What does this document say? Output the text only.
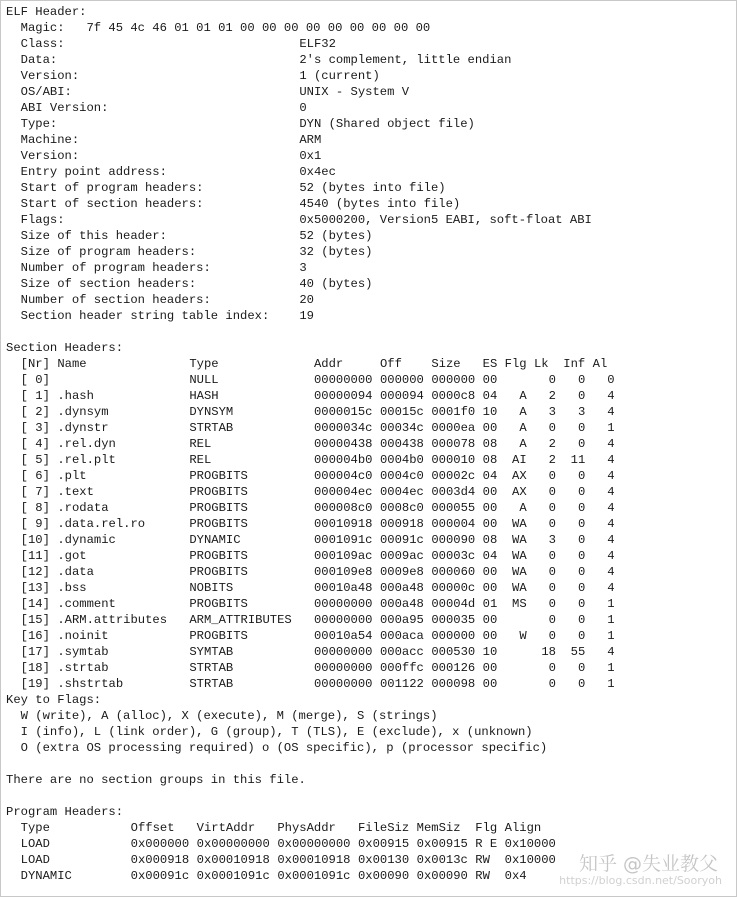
ELF Header:
Magic:   7f 45 4c 46 01 01 01 00 00 00 00 00 00 00 00 00
Class:	ELF32
Data:	2's complement, little endian
Version:	1 (current)
OS/ABI:	UNIX - System V
ABI Version:	0
Type:	DYN (Shared object file)
Machine:	ARM
Version:	0x1
Entry point address:	0x4ec
Start of program headers:	52 (bytes into file)
Start of section headers:	4540 (bytes into file)
Flags:	0x5000200, Version5 EABI, soft-float ABI
Size of this header:	52 (bytes)
Size of program headers:	32 (bytes)
Number of program headers:	3
Size of section headers:	40 (bytes)
Number of section headers:	20
Section header string table index: 19
Section Headers:
[Nr] Name	Type	Addr	Off Size ES Flg Lk Inf Al
[ 0]	NULL	00000000 000000 000000 00	0 0 0
[ 1] .hash	HASH	00000094 000094 0000c8 04 A 2 0 4
[ 2] .dynsym	DYNSYM	0000015c 00015c 0001f0 10 A 3 3 4
[ 3] .dynstr	STRTAB	0000034c 00034c 0000ea 00 A 0 0 1
[ 4] .rel.dyn	REL	00000438 000438 000078 08 A 2 0 4
[ 5] .rel.plt	REL	000004b0 0004b0 000010 08 AI 2 11 4
[ 6] .plt	PROGBITS	000004c0 0004c0 00002c 04 AX 0 0 4
[ 7] .text	PROGBITS	000004ec 0004ec 0003d4 00 AX 0 0 4
[ 8] .rodata	PROGBITS	000008c0 0008c0 000055 00 A 0 0 4
[ 9] .data.rel.ro	PROGBITS	00010918 000918 000004 00 WA 0 0 4
[10] .dynamic	DYNAMIC	0001091c 00091c 000090 08 WA 3 0 4
[11] .got	PROGBITS	000109ac 0009ac 00003c 04 WA 0 0 4
[12] .data	PROGBITS	000109e8 0009e8 000060 00 WA 0 0 4
[13] .bss	NOBITS	00010a48 000a48 00000c 00 WA 0 0 4
[14] .comment	PROGBITS	00000000 000a48 00004d 01 MS 0 0 1
[15] .ARM.attributes ARM_ATTRIBUTES 00000000 000a95 000035 00	0 0 1
[16] .noinit	PROGBITS	00010a54 000aca 000000 00 W 0 0 1
[17] .symtab	SYMTAB	00000000 000acc 000530 10	18 55 4
[18] .strtab	STRTAB	00000000 000ffc 000126 00	0 0 1
[19] .shstrtab	STRTAB	00000000 001122 000098 00	0 0 1
Key to Flags:
W (write), A (alloc), X (execute), M (merge), S (strings)
I (info), L (link order), G (group), T (TLS), E (exclude), x (unknown)
O (extra OS processing required) o (OS specific), p (processor specific)
There are no section groups in this file.
Program Headers:
Type	Offset VirtAddr PhysAddr FileSiz MemSiz Flg Align
LOAD	0x000000 0x00000000 0x00000000 0x00915 0x00915 R E 0x10000
LOAD	0x000918 0x00010918 0x00010918 0x00130 0x0013c RW 0x10000
DYNAMIC	0x00091c 0x0001091c 0x0001091c 0x00090 0x00090 RW 0x4
知乎 @失业教父
https://blog.csdn.net/Sooryoh
